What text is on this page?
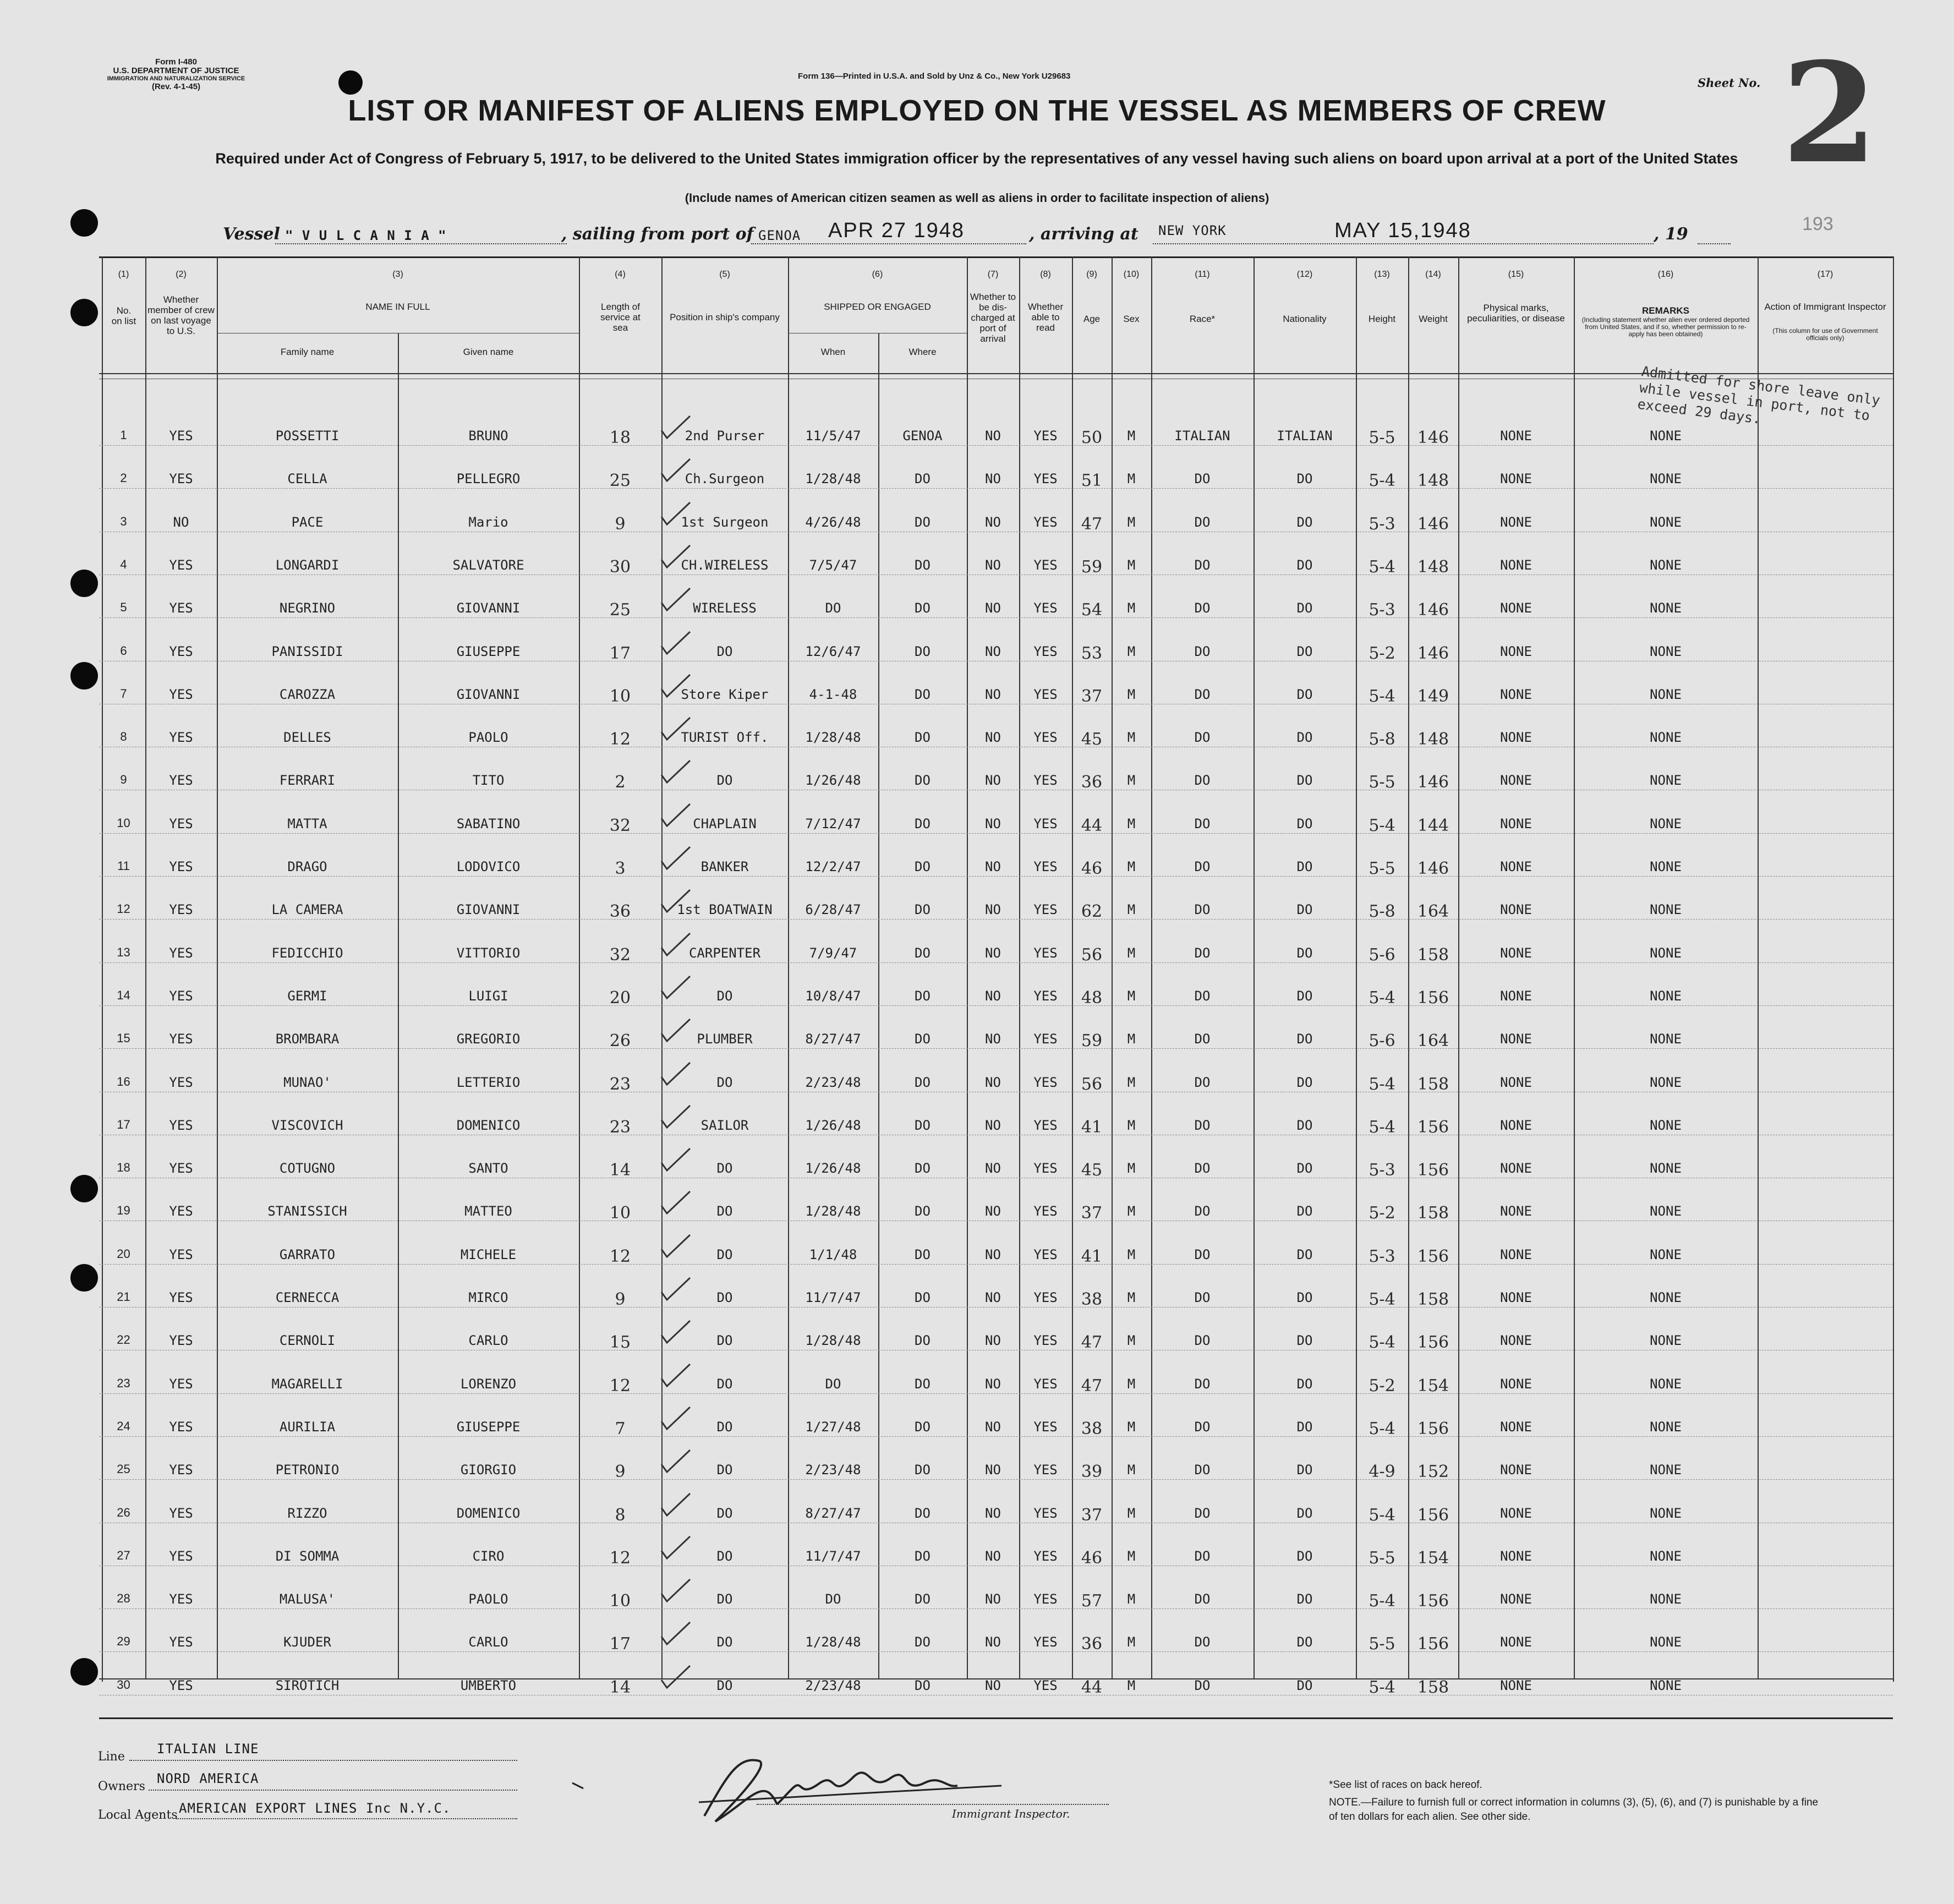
Form I-480
U.S. DEPARTMENT OF JUSTICE
IMMIGRATION AND NATURALIZATION SERVICE
(Rev. 4-1-45)
Form 136—Printed in U.S.A. and Sold by Unz & Co., New York U29683	Sheet No. 2
LIST OR MANIFEST OF ALIENS EMPLOYED ON THE VESSEL AS MEMBERS OF CREW
Required under Act of Congress of February 5, 1917, to be delivered to the United States immigration officer by the representatives of any vessel having such aliens on board upon arrival at a port of the United States
(Include names of American citizen seamen as well as aliens in order to facilitate inspection of aliens)
Vessel " V U L C A N I A "	, sailing from port of GENOA APR 27 1948	, arriving at NEW YORK	MAY 15,1948	, 19	193
(1)	(2)	(3)	(4)	(5)	(6)	(7)	(8)	(9)	(10)	(11)	(12)	(13)	(14)	(15)	(16)	(17)
No. on list
Whether member of crew on last voyage to U.S.
NAME IN FULL
Family name	Given name
Length of service at sea
Position in ship's company
SHIPPED OR ENGAGED
When	Where
Whether to be dis-charged at port of arrival
Whether able to read
Age	Sex	Race*	Nationality	Height	Weight
Physical marks, peculiarities, or disease
REMARKS
(Including statement whether alien ever ordered deported from United States, and if so, whether permission to re-apply has been obtained)
Action of Immigrant Inspector
(This column for use of Government officials only)
Admitted for shore leave only while vessel in port, not to exceed 29 days.
1	YES	POSSETTI	BRUNO	18	2nd Purser	11/5/47	GENOA	NO	YES	50	M	ITALIAN	ITALIAN	5-5	146	NONE	NONE
2	YES	CELLA	PELLEGRO	25	Ch.Surgeon	1/28/48	DO	NO	YES	51	M	DO	DO	5-4	148	NONE	NONE
3	NO	PACE	Mario	9	1st Surgeon	4/26/48	DO	NO	YES	47	M	DO	DO	5-3	146	NONE	NONE
4	YES	LONGARDI	SALVATORE	30	CH.WIRELESS	7/5/47	DO	NO	YES	59	M	DO	DO	5-4	148	NONE	NONE
5	YES	NEGRINO	GIOVANNI	25	WIRELESS	DO	DO	NO	YES	54	M	DO	DO	5-3	146	NONE	NONE
6	YES	PANISSIDI	GIUSEPPE	17	DO	12/6/47	DO	NO	YES	53	M	DO	DO	5-2	146	NONE	NONE
7	YES	CAROZZA	GIOVANNI	10	Store Kiper	4-1-48	DO	NO	YES	37	M	DO	DO	5-4	149	NONE	NONE
8	YES	DELLES	PAOLO	12	TURIST Off.	1/28/48	DO	NO	YES	45	M	DO	DO	5-8	148	NONE	NONE
9	YES	FERRARI	TITO	2	DO	1/26/48	DO	NO	YES	36	M	DO	DO	5-5	146	NONE	NONE
10	YES	MATTA	SABATINO	32	CHAPLAIN	7/12/47	DO	NO	YES	44	M	DO	DO	5-4	144	NONE	NONE
11	YES	DRAGO	LODOVICO	3	BANKER	12/2/47	DO	NO	YES	46	M	DO	DO	5-5	146	NONE	NONE
12	YES	LA CAMERA	GIOVANNI	36	1st BOATWAIN	6/28/47	DO	NO	YES	62	M	DO	DO	5-8	164	NONE	NONE
13	YES	FEDICCHIO	VITTORIO	32	CARPENTER	7/9/47	DO	NO	YES	56	M	DO	DO	5-6	158	NONE	NONE
14	YES	GERMI	LUIGI	20	DO	10/8/47	DO	NO	YES	48	M	DO	DO	5-4	156	NONE	NONE
15	YES	BROMBARA	GREGORIO	26	PLUMBER	8/27/47	DO	NO	YES	59	M	DO	DO	5-6	164	NONE	NONE
16	YES	MUNAO'	LETTERIO	23	DO	2/23/48	DO	NO	YES	56	M	DO	DO	5-4	158	NONE	NONE
17	YES	VISCOVICH	DOMENICO	23	SAILOR	1/26/48	DO	NO	YES	41	M	DO	DO	5-4	156	NONE	NONE
18	YES	COTUGNO	SANTO	14	DO	1/26/48	DO	NO	YES	45	M	DO	DO	5-3	156	NONE	NONE
19	YES	STANISSICH	MATTEO	10	DO	1/28/48	DO	NO	YES	37	M	DO	DO	5-2	158	NONE	NONE
20	YES	GARRATO	MICHELE	12	DO	1/1/48	DO	NO	YES	41	M	DO	DO	5-3	156	NONE	NONE
21	YES	CERNECCA	MIRCO	9	DO	11/7/47	DO	NO	YES	38	M	DO	DO	5-4	158	NONE	NONE
22	YES	CERNOLI	CARLO	15	DO	1/28/48	DO	NO	YES	47	M	DO	DO	5-4	156	NONE	NONE
23	YES	MAGARELLI	LORENZO	12	DO	DO	DO	NO	YES	47	M	DO	DO	5-2	154	NONE	NONE
24	YES	AURILIA	GIUSEPPE	7	DO	1/27/48	DO	NO	YES	38	M	DO	DO	5-4	156	NONE	NONE
25	YES	PETRONIO	GIORGIO	9	DO	2/23/48	DO	NO	YES	39	M	DO	DO	4-9	152	NONE	NONE
26	YES	RIZZO	DOMENICO	8	DO	8/27/47	DO	NO	YES	37	M	DO	DO	5-4	156	NONE	NONE
27	YES	DI SOMMA	CIRO	12	DO	11/7/47	DO	NO	YES	46	M	DO	DO	5-5	154	NONE	NONE
28	YES	MALUSA'	PAOLO	10	DO	DO	DO	NO	YES	57	M	DO	DO	5-4	156	NONE	NONE
29	YES	KJUDER	CARLO	17	DO	1/28/48	DO	NO	YES	36	M	DO	DO	5-5	156	NONE	NONE
30	YES	SIROTICH	UMBERTO	14	DO	2/23/48	DO	NO	YES	44	M	DO	DO	5-4	158	NONE	NONE
Line
ITALIAN LINE
Owners
NORD AMERICA
Local Agents AMERICAN EXPORT LINES Inc N.Y.C.	Immigrant Inspector.
*See list of races on back hereof.
NOTE.—Failure to furnish full or correct information in columns (3), (5), (6), and (7) is punishable by a fine of ten dollars for each alien. See other side.
